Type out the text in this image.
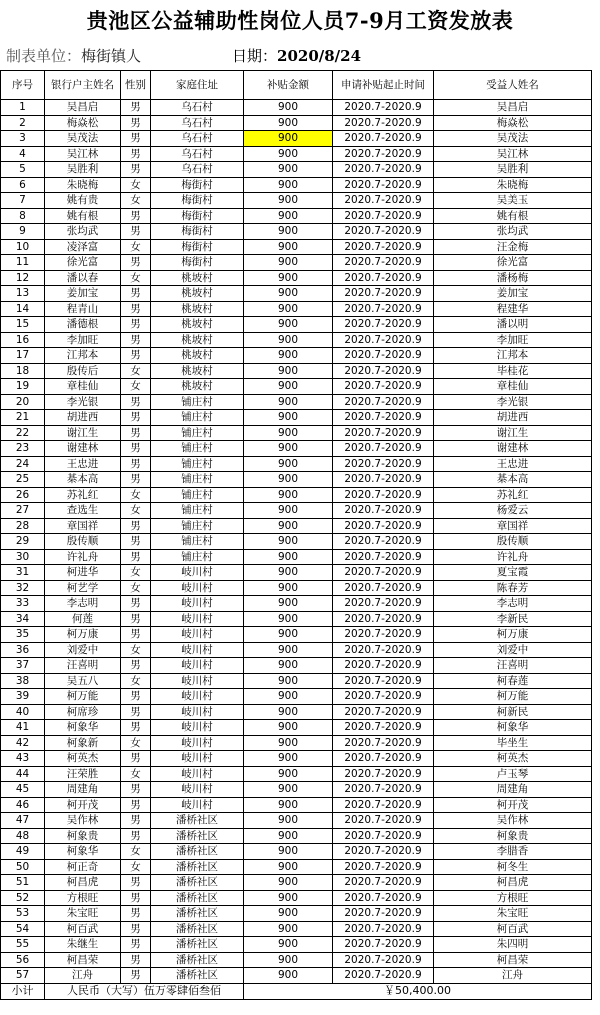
贵池区公益辅助性岗位人员7-9月工资发放表
制表单位：梅街镇人	日期：2020/8/24
序号	银行户主姓名	性别	家庭住址	补贴金额	申请补贴起止时间	受益人姓名
1	吴昌启	男	乌石村	900	2020.7-2020.9	吴昌启
2	梅焱松	男	乌石村	900	2020.7-2020.9	梅焱松
3	吴茂法	男	乌石村	900	2020.7-2020.9	吴茂法
4	吴江林	男	乌石村	900	2020.7-2020.9	吴江林
5	吴胜利	男	乌石村	900	2020.7-2020.9	吴胜利
6	朱晓梅	女	梅街村	900	2020.7-2020.9	朱晓梅
7	姚有贵	女	梅街村	900	2020.7-2020.9	吴美玉
8	姚有根	男	梅街村	900	2020.7-2020.9	姚有根
9	张均武	男	梅街村	900	2020.7-2020.9	张均武
10	凌泽富	女	梅街村	900	2020.7-2020.9	汪金梅
11	徐光富	男	梅街村	900	2020.7-2020.9	徐光富
12	潘以春	女	桃坡村	900	2020.7-2020.9	潘杨梅
13	姜加宝	男	桃坡村	900	2020.7-2020.9	姜加宝
14	程青山	男	桃坡村	900	2020.7-2020.9	程建华
15	潘德根	男	桃坡村	900	2020.7-2020.9	潘以明
16	李加旺	男	桃坡村	900	2020.7-2020.9	李加旺
17	江邦本	男	桃坡村	900	2020.7-2020.9	江邦本
18	殷传后	女	桃坡村	900	2020.7-2020.9	毕桂花
19	章桂仙	女	桃坡村	900	2020.7-2020.9	章桂仙
20	李光银	男	铺庄村	900	2020.7-2020.9	李光银
21	胡进西	男	铺庄村	900	2020.7-2020.9	胡进西
22	谢江生	男	铺庄村	900	2020.7-2020.9	谢江生
23	谢建林	男	铺庄村	900	2020.7-2020.9	谢建林
24	王忠进	男	铺庄村	900	2020.7-2020.9	王忠进
25	棊本高	男	铺庄村	900	2020.7-2020.9	棊本高
26	苏礼红	女	铺庄村	900	2020.7-2020.9	苏礼红
27	查选生	女	铺庄村	900	2020.7-2020.9	杨爱云
28	章国祥	男	铺庄村	900	2020.7-2020.9	章国祥
29	殷传顺	男	铺庄村	900	2020.7-2020.9	殷传顺
30	许礼舟	男	铺庄村	900	2020.7-2020.9	许礼舟
31	柯进华	女	岐川村	900	2020.7-2020.9	夏宝霞
32	柯艺学	女	岐川村	900	2020.7-2020.9	陈春芳
33	李志明	男	岐川村	900	2020.7-2020.9	李志明
34	何莲	男	岐川村	900	2020.7-2020.9	李新民
35	柯万康	男	岐川村	900	2020.7-2020.9	柯万康
36	刘爱中	女	岐川村	900	2020.7-2020.9	刘爱中
37	汪喜明	男	岐川村	900	2020.7-2020.9	汪喜明
38	吴五八	女	岐川村	900	2020.7-2020.9	柯春莲
39	柯万能	男	岐川村	900	2020.7-2020.9	柯万能
40	柯席珍	男	岐川村	900	2020.7-2020.9	柯新民
41	柯象华	男	岐川村	900	2020.7-2020.9	柯象华
42	柯象新	女	岐川村	900	2020.7-2020.9	毕坐生
43	柯英杰	男	岐川村	900	2020.7-2020.9	柯英杰
44	汪荣胜	女	岐川村	900	2020.7-2020.9	卢玉琴
45	周建角	男	岐川村	900	2020.7-2020.9	周建角
46	柯开茂	男	岐川村	900	2020.7-2020.9	柯开茂
47	吴作林	男	潘桥社区	900	2020.7-2020.9	吴作林
48	柯象贵	男	潘桥社区	900	2020.7-2020.9	柯象贵
49	柯象华	女	潘桥社区	900	2020.7-2020.9	李腊香
50	柯正奇	女	潘桥社区	900	2020.7-2020.9	柯冬生
51	柯昌虎	男	潘桥社区	900	2020.7-2020.9	柯昌虎
52	方根旺	男	潘桥社区	900	2020.7-2020.9	方根旺
53	朱宝旺	男	潘桥社区	900	2020.7-2020.9	朱宝旺
54	柯百武	男	潘桥社区	900	2020.7-2020.9	柯百武
55	朱继生	男	潘桥社区	900	2020.7-2020.9	朱四明
56	柯昌荣	男	潘桥社区	900	2020.7-2020.9	柯昌荣
57	江舟	男	潘桥社区	900	2020.7-2020.9	江舟
小计	人民币（大写）伍万零肆佰叁佰			￥50,400.00		
